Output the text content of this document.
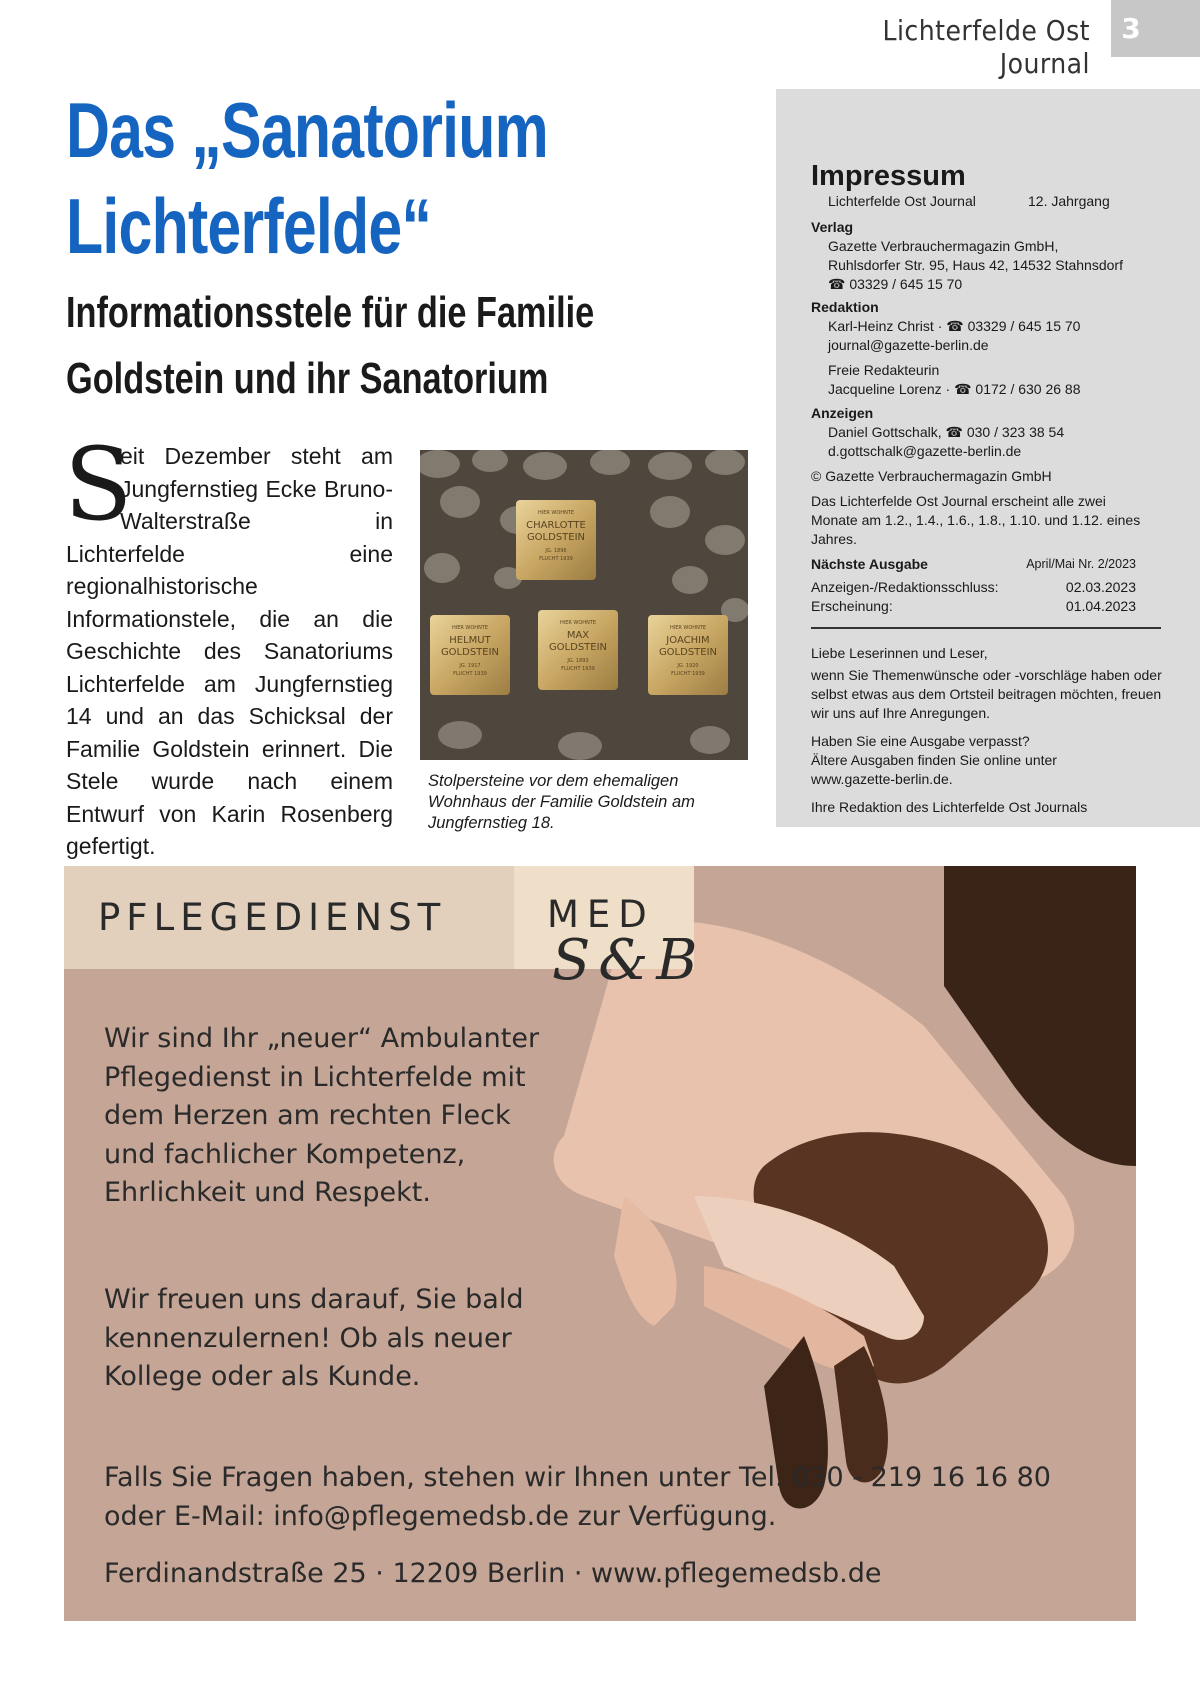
Lichterfelde Ost Journal
3
Das „Sanatorium
Lichterfelde“
Informationsstele für die Familie
Goldstein und ihr Sanatorium
S
eit Dezember steht am Jungfernstieg Ecke Bruno-Walterstraße in Lichterfelde eine regionalhistorische Informationstele, die an die Geschichte des Sanatoriums Lichterfelde am Jungfernstieg 14 und an das Schicksal der Familie Goldstein erinnert. Die Stele wurde nach einem Entwurf von Karin Rosenberg gefertigt.
HIER WOHNTE
CHARLOTTE
GOLDSTEIN
JG. 1896
FLUCHT 1939
HIER WOHNTE
HELMUT
GOLDSTEIN
JG. 1917
FLUCHT 1939
HIER WOHNTE
MAX
GOLDSTEIN
JG. 1893
FLUCHT 1939
HIER WOHNTE
JOACHIM
GOLDSTEIN
JG. 1920
FLUCHT 1939
Stolpersteine vor dem ehemaligen Wohnhaus der Familie Goldstein am Jungfernstieg 18.
Impressum
Lichterfelde Ost Journal	12. Jahrgang
Verlag
Gazette Verbrauchermagazin GmbH,
Ruhlsdorfer Str. 95, Haus 42, 14532 Stahnsdorf
☎ 03329 / 645 15 70
Redaktion
Karl-Heinz Christ · ☎ 03329 / 645 15 70
journal@gazette-berlin.de
Freie Redakteurin
Jacqueline Lorenz · ☎ 0172 / 630 26 88
Anzeigen
Daniel Gottschalk, ☎ 030 / 323 38 54
d.gottschalk@gazette-berlin.de
© Gazette Verbrauchermagazin GmbH
Das Lichterfelde Ost Journal erscheint alle zwei Monate am 1.2., 1.4., 1.6., 1.8., 1.10. und 1.12. eines Jahres.
Nächste Ausgabe	April/Mai Nr. 2/2023
Anzeigen-/Redaktionsschluss:	02.03.2023
Erscheinung:	01.04.2023
Liebe Leserinnen und Leser,
wenn Sie Themenwünsche oder -vorschläge haben oder selbst etwas aus dem Ortsteil beitragen möchten, freuen wir uns auf Ihre Anregungen.
Haben Sie eine Ausgabe verpasst?
Ältere Ausgaben finden Sie online unter www.gazette-berlin.de.
Ihre Redaktion des Lichterfelde Ost Journals
PFLEGEDIENST	MED
S&B
Wir sind Ihr „neuer“ Ambulanter Pflegedienst in Lichterfelde mit dem Herzen am rechten Fleck und fachlicher Kompetenz, Ehrlichkeit und Respekt.
Wir freuen uns darauf, Sie bald kennenzulernen! Ob als neuer Kollege oder als Kunde.
Falls Sie Fragen haben, stehen wir Ihnen unter Tel. 030 - 219 16 16 80 oder E-Mail: info@pflegemedsb.de zur Verfügung.
Ferdinandstraße 25 · 12209 Berlin · www.pflegemedsb.de
